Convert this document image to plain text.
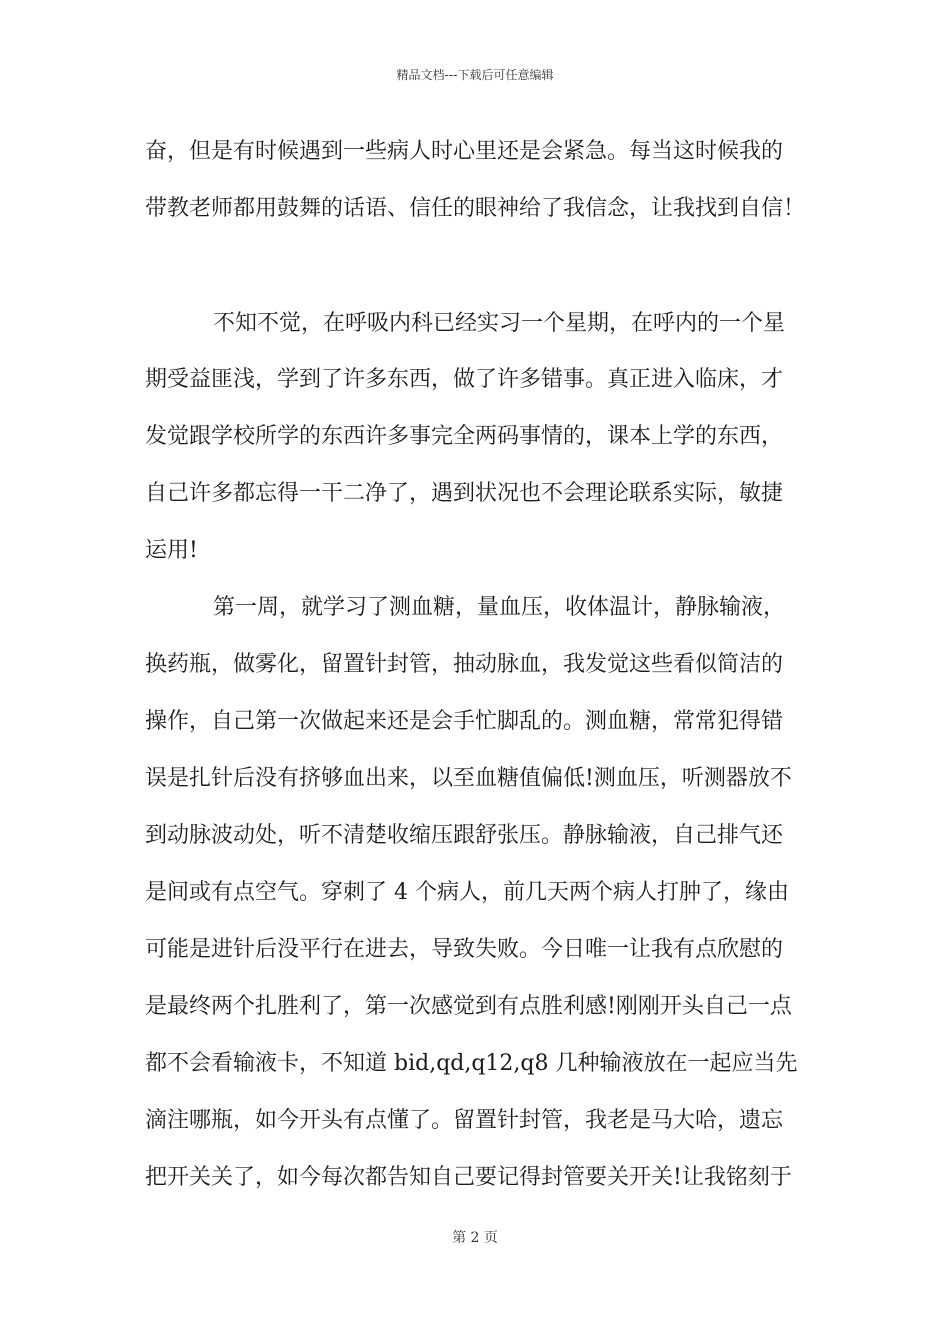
精品文档---下载后可任意编辑
奋，但是有时候遇到一些病人时心里还是会紧急。每当这时候我的
带教老师都用鼓舞的话语、信任的眼神给了我信念，让我找到自信！
不知不觉，在呼吸内科已经实习一个星期，在呼内的一个星
期受益匪浅，学到了许多东西，做了许多错事。真正进入临床，才
发觉跟学校所学的东西许多事完全两码事情的，课本上学的东西，
自己许多都忘得一干二净了，遇到状况也不会理论联系实际，敏捷
运用!
第一周，就学习了测血糖，量血压，收体温计，静脉输液，
换药瓶，做雾化，留置针封管，抽动脉血，我发觉这些看似简洁的
操作，自己第一次做起来还是会手忙脚乱的。测血糖，常常犯得错
误是扎针后没有挤够血出来，以至血糖值偏低!测血压，听测器放不
到动脉波动处，听不清楚收缩压跟舒张压。静脉输液，自己排气还
是间或有点空气。穿刺了 4 个病人，前几天两个病人打肿了，缘由
可能是进针后没平行在进去，导致失败。今日唯一让我有点欣慰的
是最终两个扎胜利了，第一次感觉到有点胜利感!刚刚开头自己一点
都不会看输液卡，不知道 bid,qd,q12,q8 几种输液放在一起应当先
滴注哪瓶，如今开头有点懂了。留置针封管，我老是马大哈，遗忘
把开关关了，如今每次都告知自己要记得封管要关开关!让我铭刻于
第 2 页
